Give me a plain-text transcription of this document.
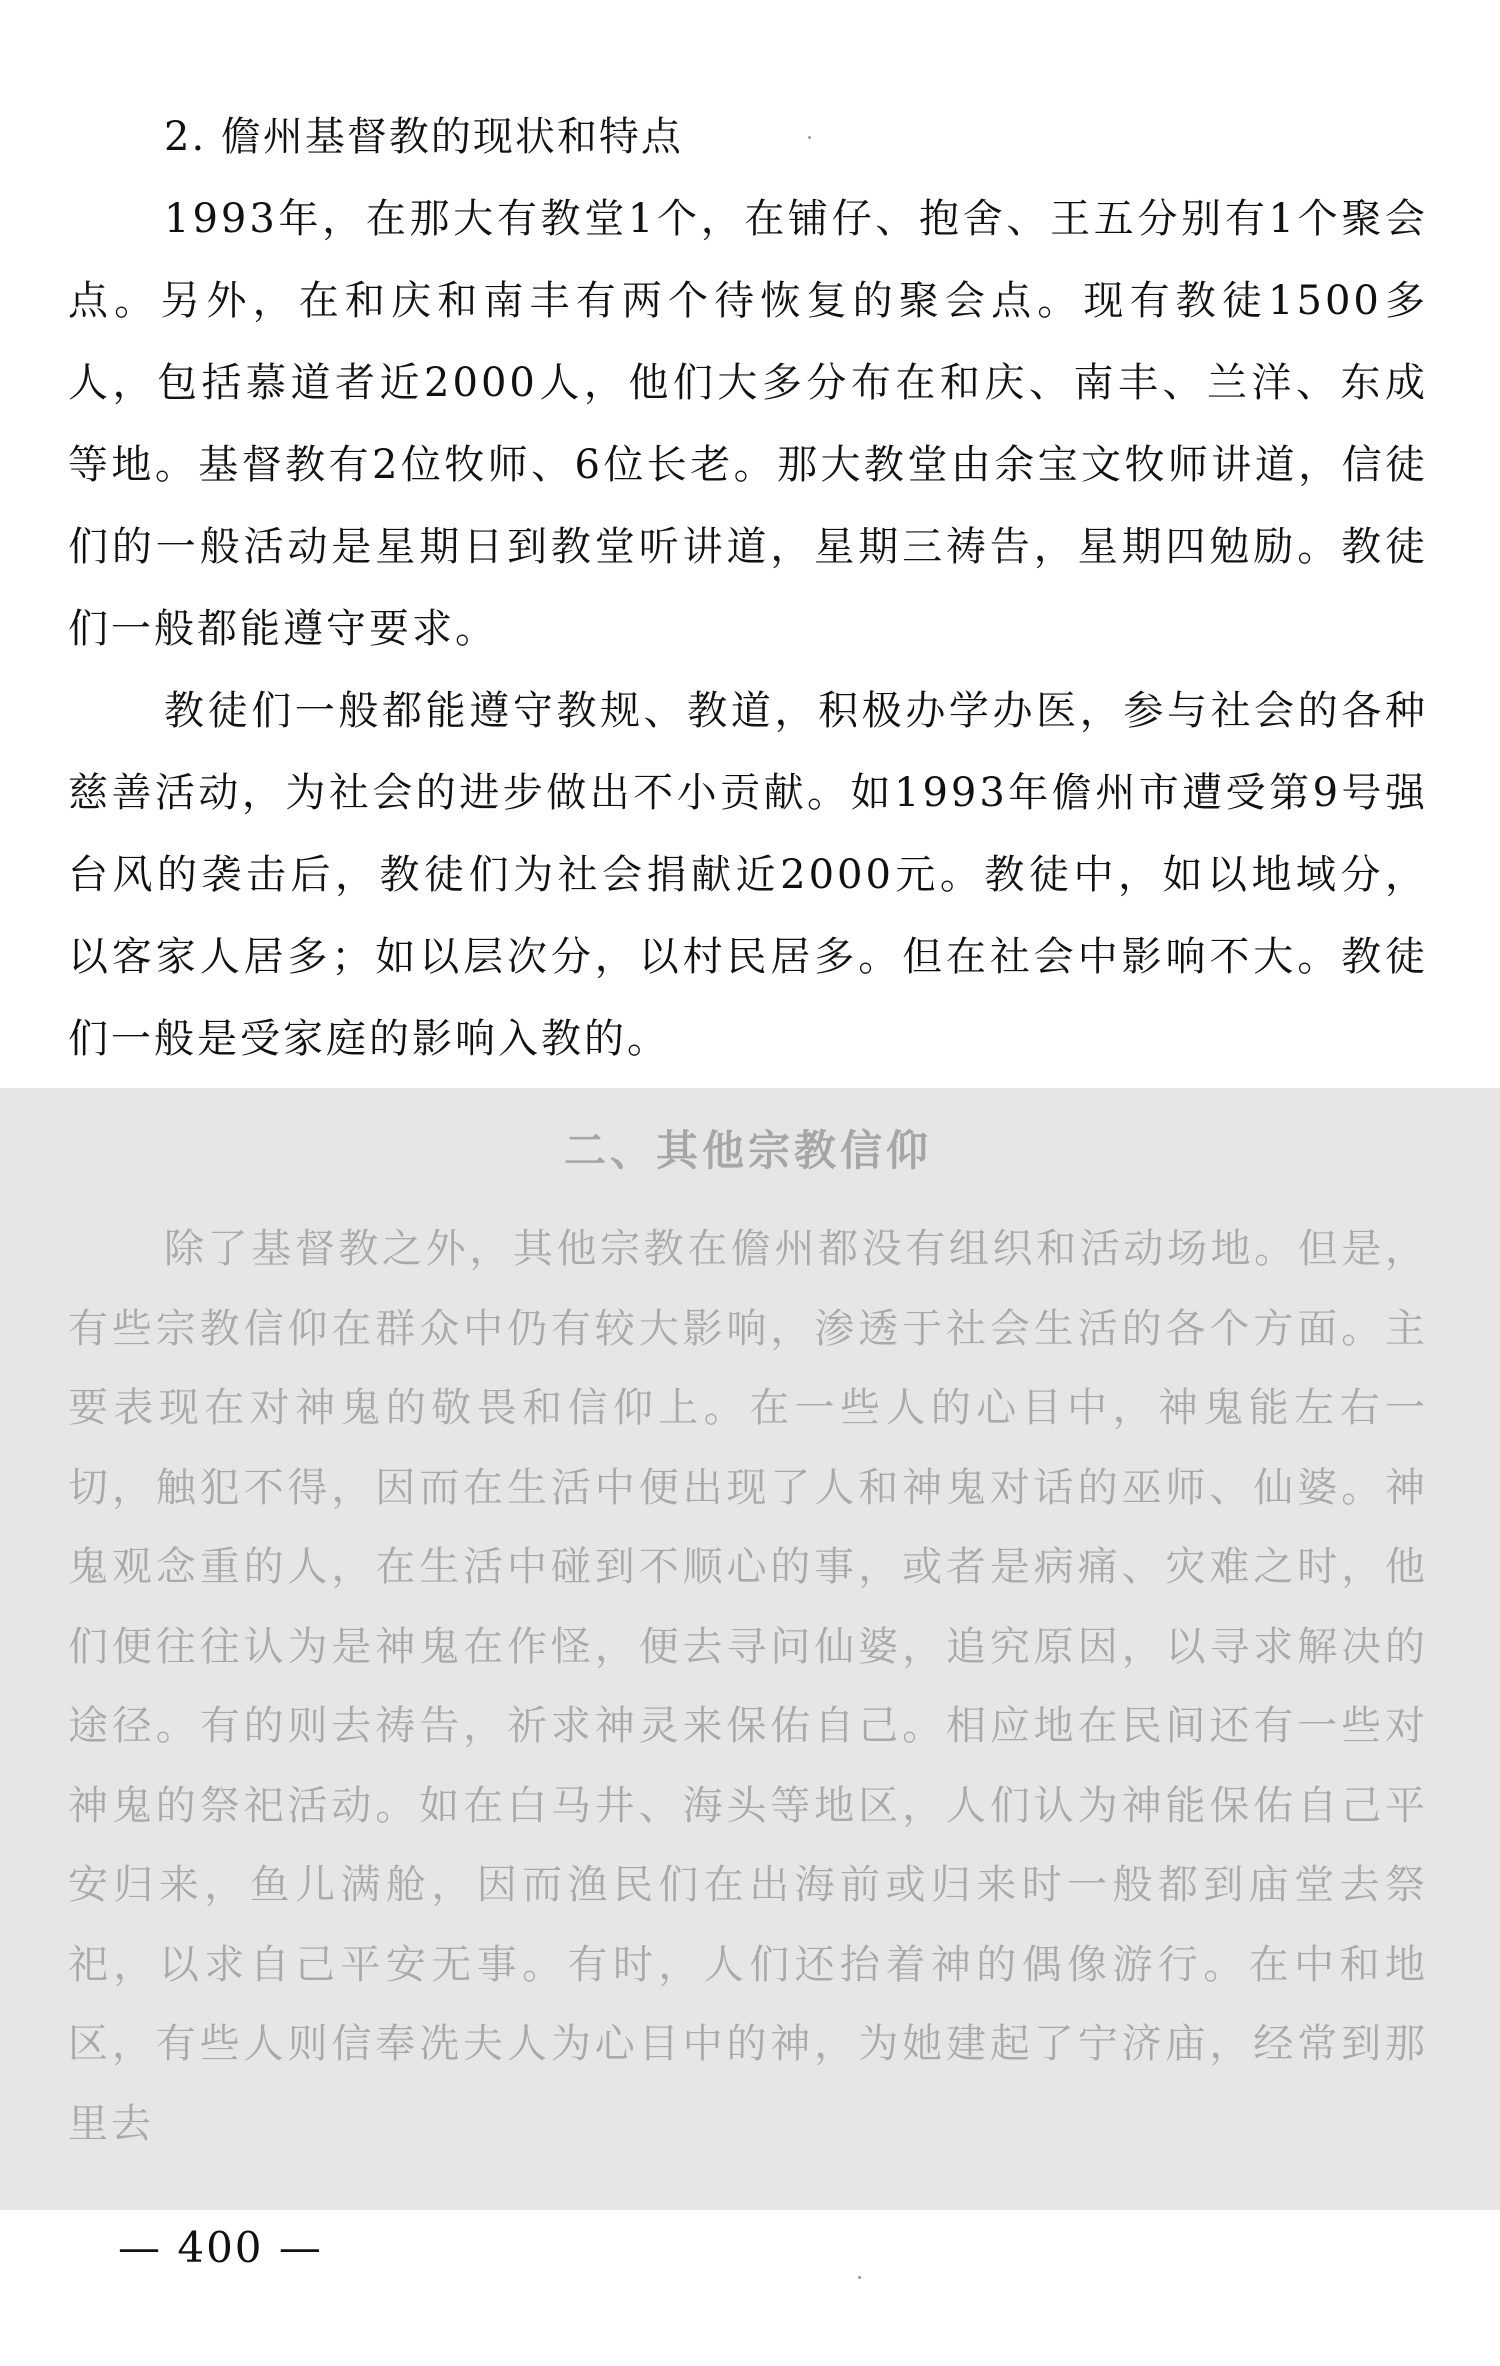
2. 儋州基督教的现状和特点

1993年，在那大有教堂1个，在铺仔、抱舍、王五分别有1个聚会点。另外，在和庆和南丰有两个待恢复的聚会点。现有教徒1500多人，包括慕道者近2000人，他们大多分布在和庆、南丰、兰洋、东成等地。基督教有2位牧师、6位长老。那大教堂由余宝文牧师讲道，信徒们的一般活动是星期日到教堂听讲道，星期三祷告，星期四勉励。教徒们一般都能遵守要求。

教徒们一般都能遵守教规、教道，积极办学办医，参与社会的各种慈善活动，为社会的进步做出不小贡献。如1993年儋州市遭受第9号强台风的袭击后，教徒们为社会捐献近2000元。教徒中，如以地域分，以客家人居多；如以层次分，以村民居多。但在社会中影响不大。教徒们一般是受家庭的影响入教的。

二、其他宗教信仰

除了基督教之外，其他宗教在儋州都没有组织和活动场地。但是，有些宗教信仰在群众中仍有较大影响，渗透于社会生活的各个方面。主要表现在对神鬼的敬畏和信仰上。在一些人的心目中，神鬼能左右一切，触犯不得，因而在生活中便出现了人和神鬼对话的巫师、仙婆。神鬼观念重的人，在生活中碰到不顺心的事，或者是病痛、灾难之时，他们便往往认为是神鬼在作怪，便去寻问仙婆，追究原因，以寻求解决的途径。有的则去祷告，祈求神灵来保佑自己。相应地在民间还有一些对神鬼的祭祀活动。如在白马井、海头等地区，人们认为神能保佑自己平安归来，鱼儿满舱，因而渔民们在出海前或归来时一般都到庙堂去祭祀，以求自己平安无事。有时，人们还抬着神的偶像游行。在中和地区，有些人则信奉冼夫人为心目中的神，为她建起了宁济庙，经常到那里去

— 400 —
